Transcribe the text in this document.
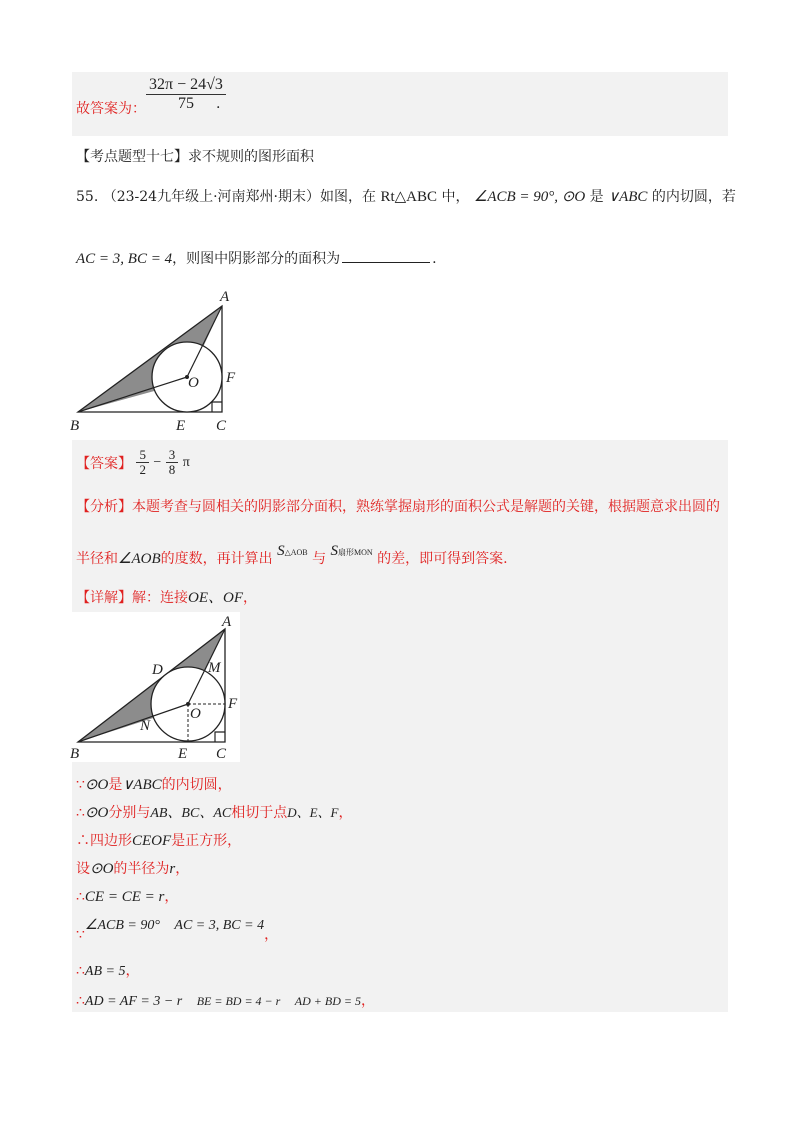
故答案为： $\frac{32\pi - 24√3}{75}$
.
【考点题型十七】求不规则的图形面积
55. （23-24九年级上·河南郑州·期末）如图，在 Rt△ABC 中， ∠ACB = 90°, ⊙O 是 ∨ABC 的内切圆，若
AC = 3, BC = 4，则图中阴影部分的面积为	.
A
B	C
E
F
O
【答案】 $\frac{5}{2} - \frac{3}{8}$ π
【分析】本题考查与圆相关的阴影部分面积，熟练掌握扇形的面积公式是解题的关键，根据题意求出圆的
半径和∠AOB的度数，再计算出 S△AOB 与 S扇形MON 的差，即可得到答案.
【详解】解：连接OE、OF，
A
B	C
D
E
F
M
N
O
∵⊙O是∨ABC的内切圆，
∴⊙O分别与AB、BC、AC相切于点D、E、F，
∴四边形CEOF是正方形，
设⊙O的半径为r，
∴CE = CE = r，
∵∠ACB = 90° AC = 3, BC = 4，
∴AB = 5，
∴AD = AF = 3 − r BE = BD = 4 − r AD + BD = 5，
